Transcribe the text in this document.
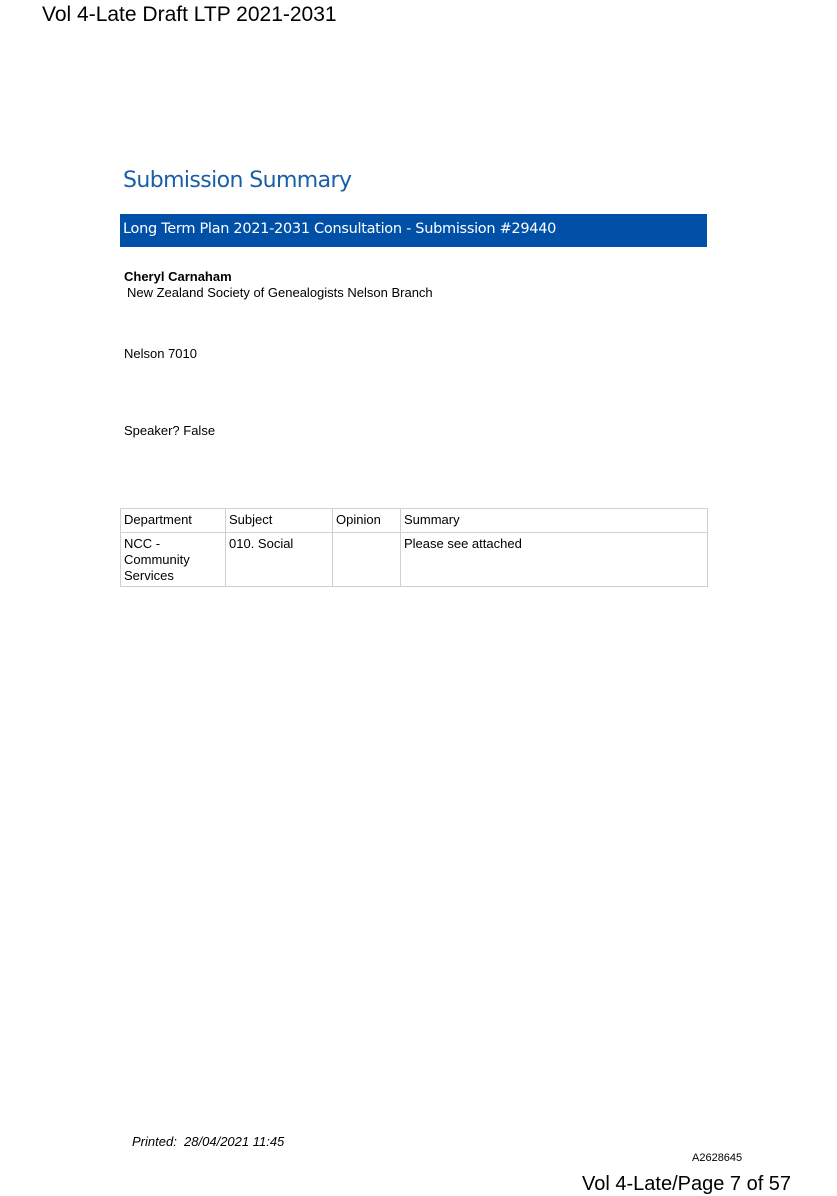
Vol 4-Late Draft LTP 2021-2031
Submission Summary
Long Term Plan 2021-2031 Consultation - Submission #29440
Cheryl Carnaham
New Zealand Society of Genealogists Nelson Branch
Nelson 7010
Speaker? False
Department	Subject	Opinion	Summary

NCC -
Community
Services	010. Social		Please see attached
Printed: 28/04/2021 11:45
A2628645
Vol 4-Late/Page 7 of 57
